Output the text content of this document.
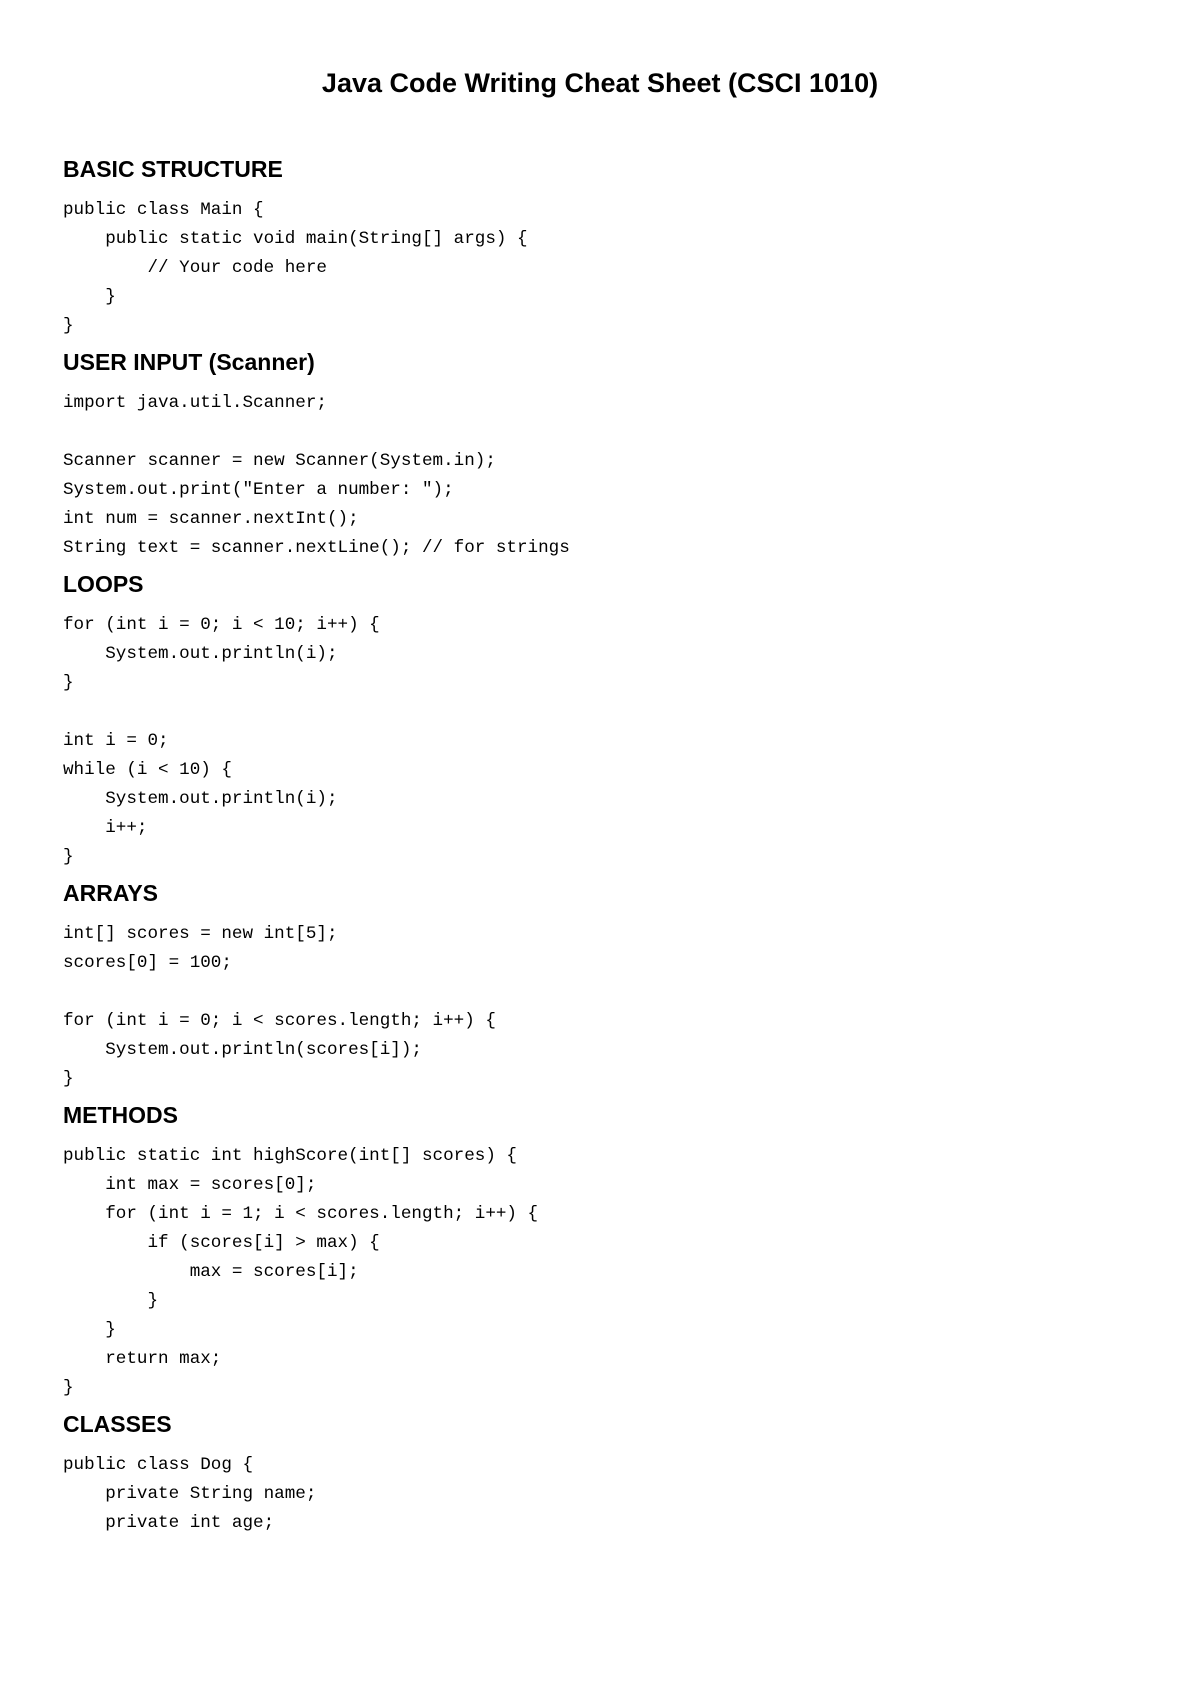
Java Code Writing Cheat Sheet (CSCI 1010)
BASIC STRUCTURE
public class Main {
public static void main(String[] args) {
// Your code here
}
}
USER INPUT (Scanner)
import java.util.Scanner;
Scanner scanner = new Scanner(System.in);
System.out.print("Enter a number: ");
int num = scanner.nextInt();
String text = scanner.nextLine(); // for strings
LOOPS
for (int i = 0; i < 10; i++) {
System.out.println(i);
}
int i = 0;
while (i < 10) {
System.out.println(i);
i++;
}
ARRAYS
int[] scores = new int[5];
scores[0] = 100;
for (int i = 0; i < scores.length; i++) {
System.out.println(scores[i]);
}
METHODS
public static int highScore(int[] scores) {
int max = scores[0];
for (int i = 1; i < scores.length; i++) {
if (scores[i] > max) {
max = scores[i];
}
}
return max;
}
CLASSES
public class Dog {
private String name;
private int age;
